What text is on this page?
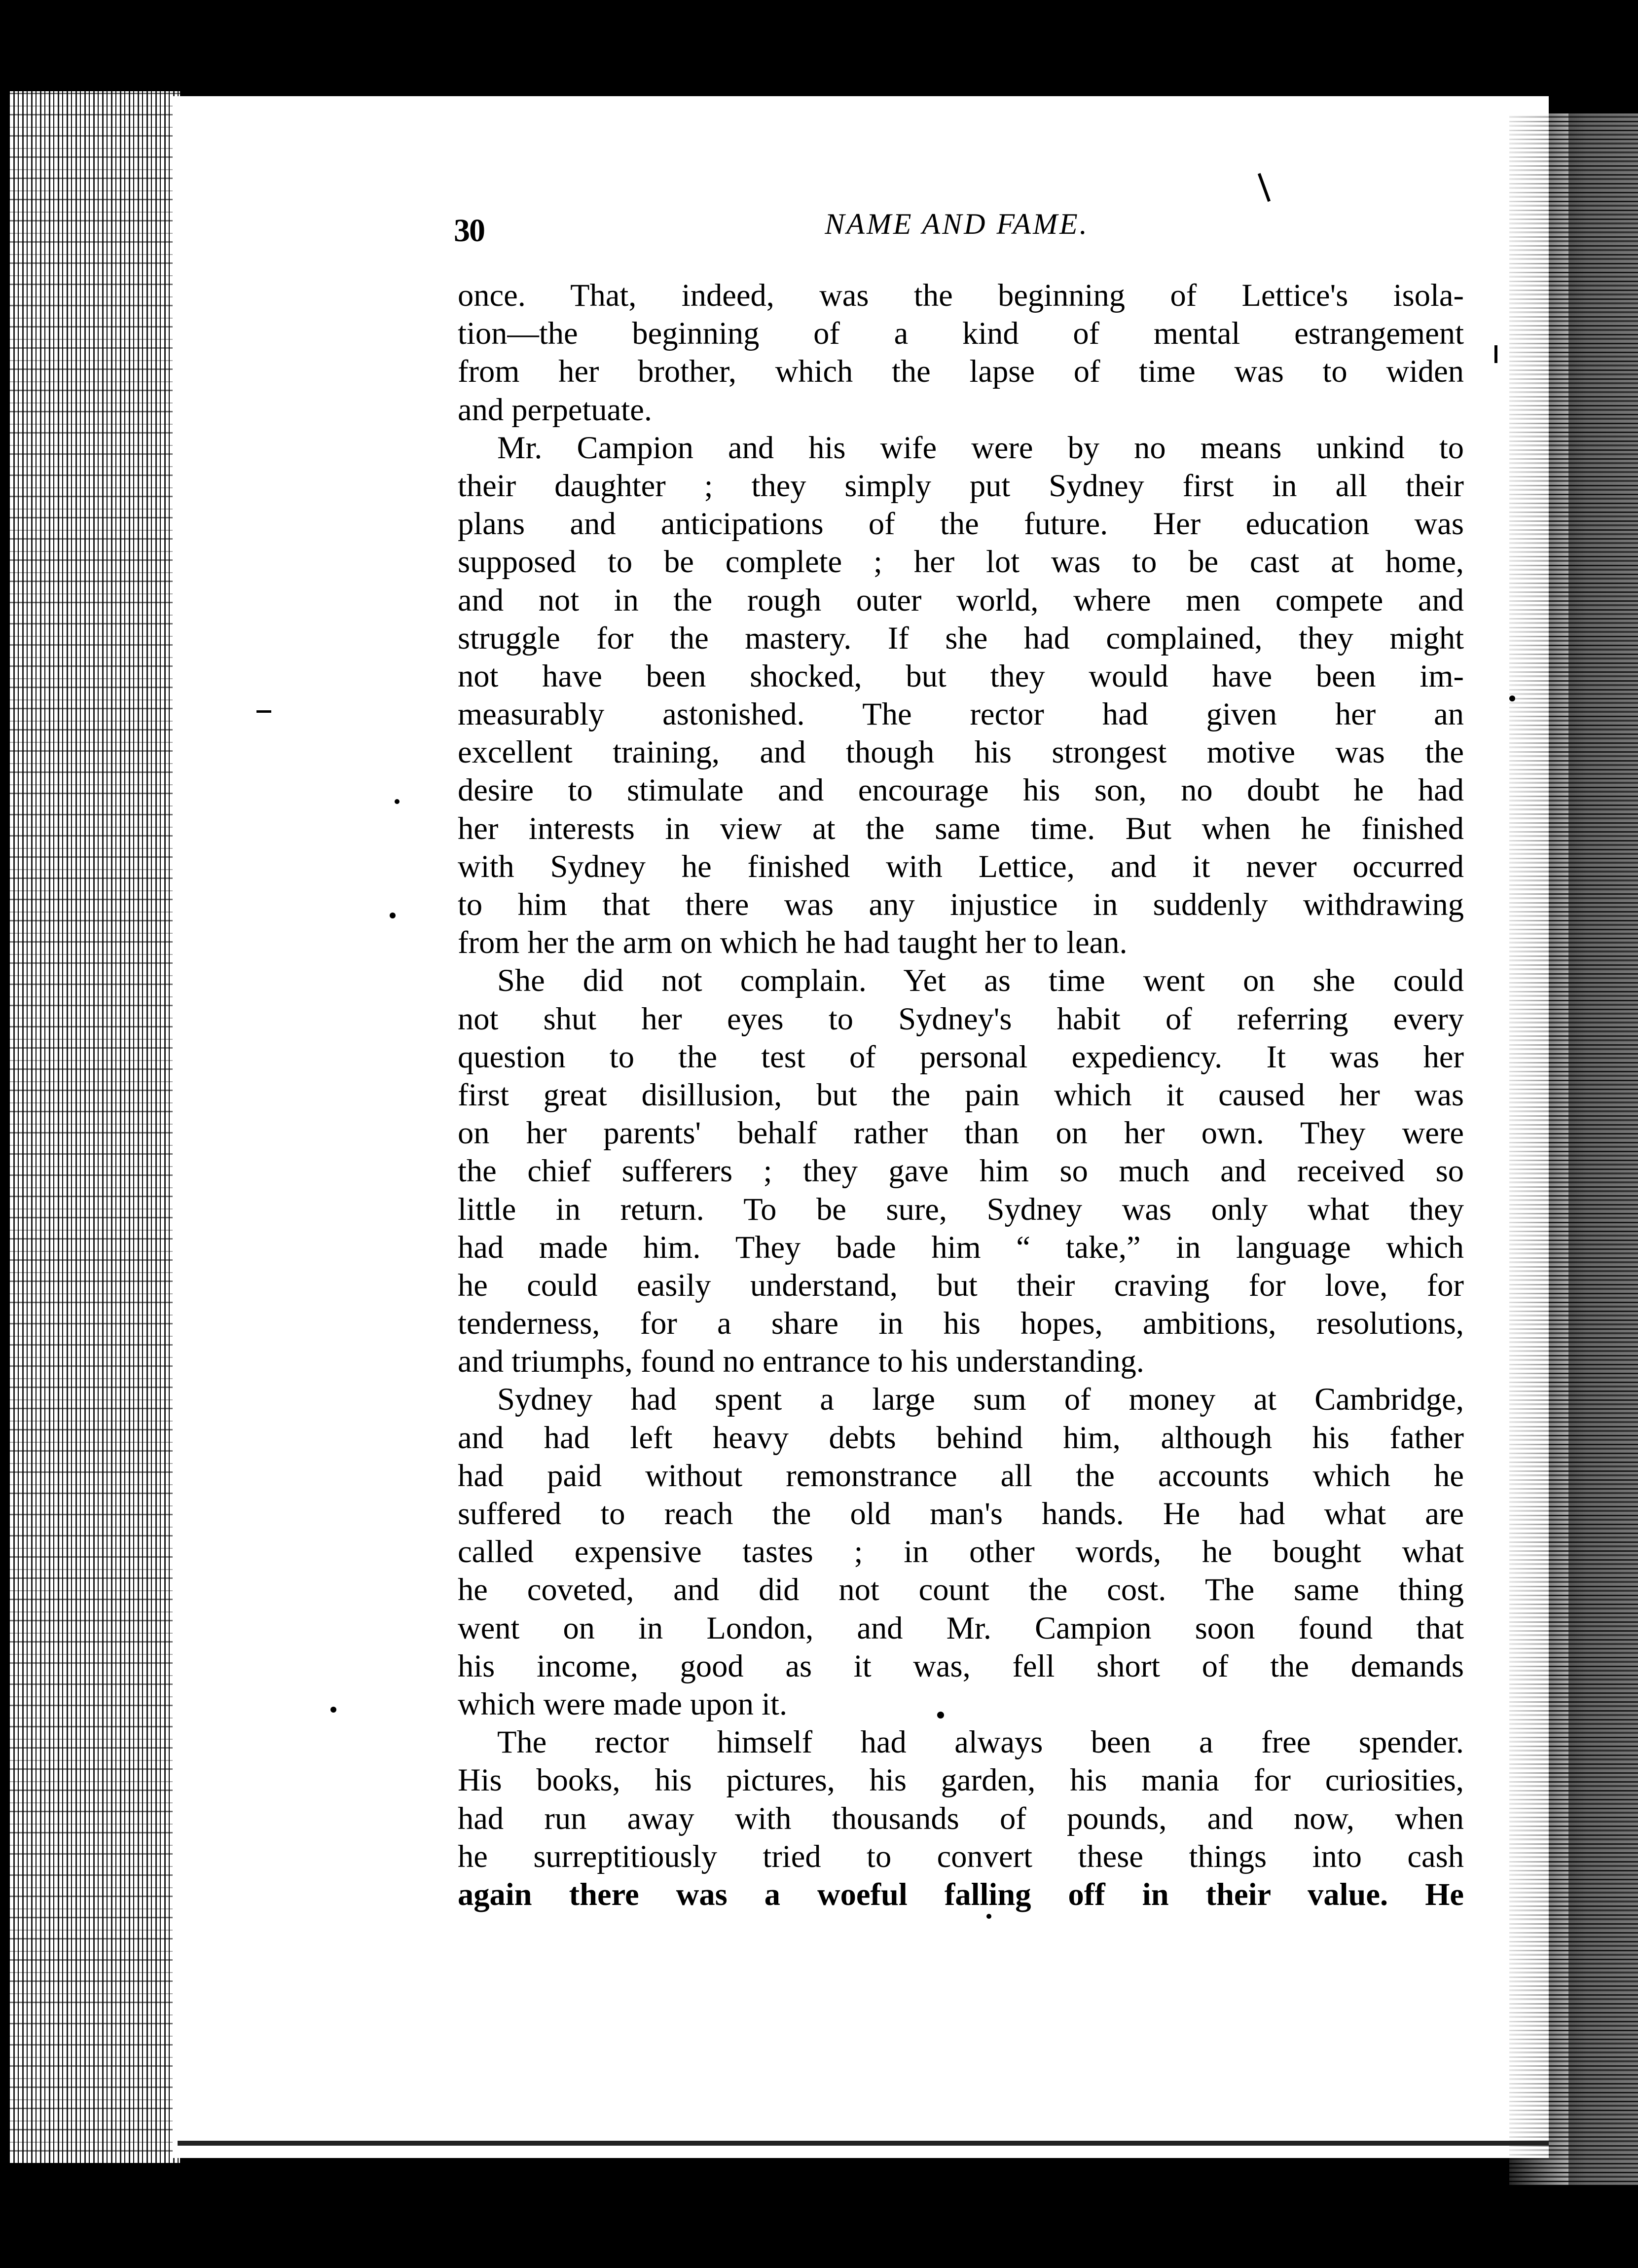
30	NAME AND FAME.
once. That, indeed, was the beginning of Lettice's isola-
tion—the beginning of a kind of mental estrangement
from her brother, which the lapse of time was to widen
and perpetuate.
Mr. Campion and his wife were by no means unkind to
their daughter ; they simply put Sydney first in all their
plans and anticipations of the future. Her education was
supposed to be complete ; her lot was to be cast at home,
and not in the rough outer world, where men compete and
struggle for the mastery. If she had complained, they might
not have been shocked, but they would have been im-
measurably astonished. The rector had given her an
excellent training, and though his strongest motive was the
desire to stimulate and encourage his son, no doubt he had
her interests in view at the same time. But when he finished
with Sydney he finished with Lettice, and it never occurred
to him that there was any injustice in suddenly withdrawing
from her the arm on which he had taught her to lean.
She did not complain. Yet as time went on she could
not shut her eyes to Sydney's habit of referring every
question to the test of personal expediency. It was her
first great disillusion, but the pain which it caused her was
on her parents' behalf rather than on her own. They were
the chief sufferers ; they gave him so much and received so
little in return. To be sure, Sydney was only what they
had made him. They bade him “ take,” in language which
he could easily understand, but their craving for love, for
tenderness, for a share in his hopes, ambitions, resolutions,
and triumphs, found no entrance to his understanding.
Sydney had spent a large sum of money at Cambridge,
and had left heavy debts behind him, although his father
had paid without remonstrance all the accounts which he
suffered to reach the old man's hands. He had what are
called expensive tastes ; in other words, he bought what
he coveted, and did not count the cost. The same thing
went on in London, and Mr. Campion soon found that
his income, good as it was, fell short of the demands
which were made upon it.
The rector himself had always been a free spender.
His books, his pictures, his garden, his mania for curiosities,
had run away with thousands of pounds, and now, when
he surreptitiously tried to convert these things into cash
again there was a woeful falling off in their value. He
